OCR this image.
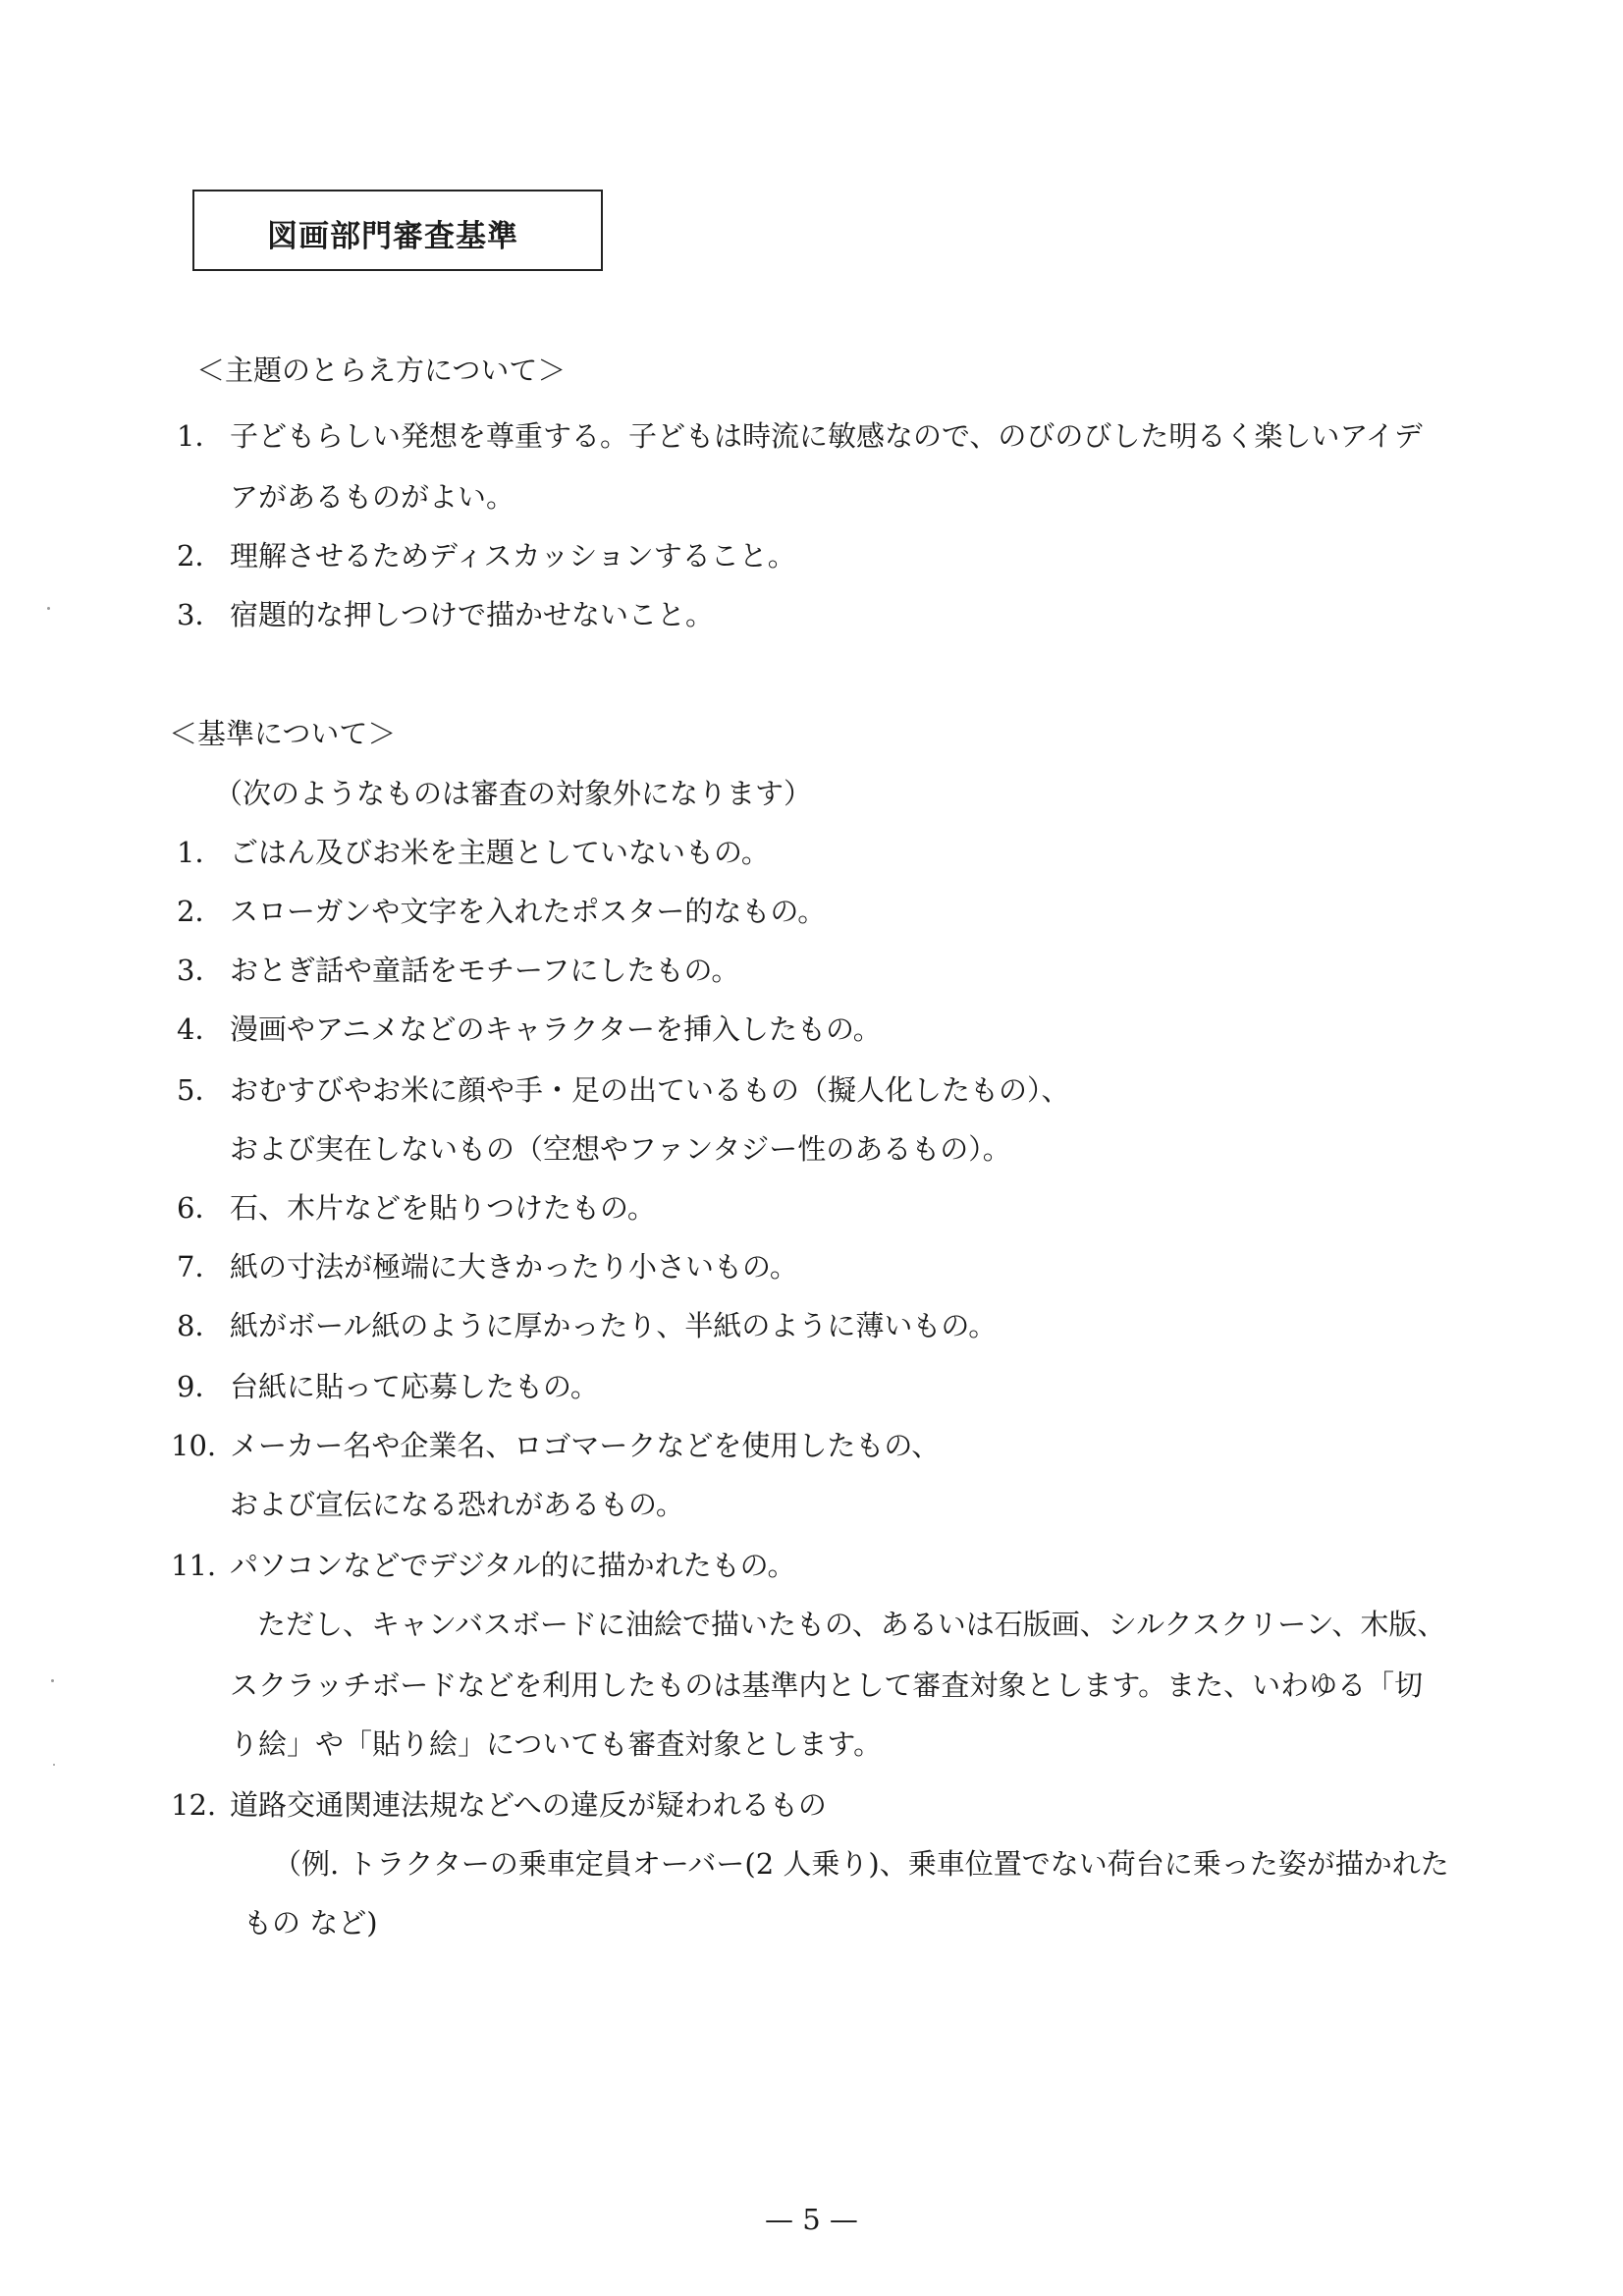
図画部門審査基準
＜主題のとらえ方について＞
1． 子どもらしい発想を尊重する。子どもは時流に敏感なので、のびのびした明るく楽しいアイデ
アがあるものがよい。
2． 理解させるためディスカッションすること。
3． 宿題的な押しつけで描かせないこと。
＜基準について＞
（次のようなものは審査の対象外になります）
1． ごはん及びお米を主題としていないもの。
2． スローガンや文字を入れたポスター的なもの。
3． おとぎ話や童話をモチーフにしたもの。
4． 漫画やアニメなどのキャラクターを挿入したもの。
5． おむすびやお米に顔や手・足の出ているもの（擬人化したもの）、
および実在しないもの（空想やファンタジー性のあるもの）。
6． 石、木片などを貼りつけたもの。
7． 紙の寸法が極端に大きかったり小さいもの。
8． 紙がボール紙のように厚かったり、半紙のように薄いもの。
9． 台紙に貼って応募したもの。
10. メーカー名や企業名、ロゴマークなどを使用したもの、
および宣伝になる恐れがあるもの。
11. パソコンなどでデジタル的に描かれたもの。
ただし、キャンバスボードに油絵で描いたもの、あるいは石版画、シルクスクリーン、木版、
スクラッチボードなどを利用したものは基準内として審査対象とします。また、いわゆる「切
り絵」や「貼り絵」についても審査対象とします。
12. 道路交通関連法規などへの違反が疑われるもの
（例. トラクターの乗車定員オーバー(2 人乗り)、乗車位置でない荷台に乗った姿が描かれた
もの など)
— 5 —
